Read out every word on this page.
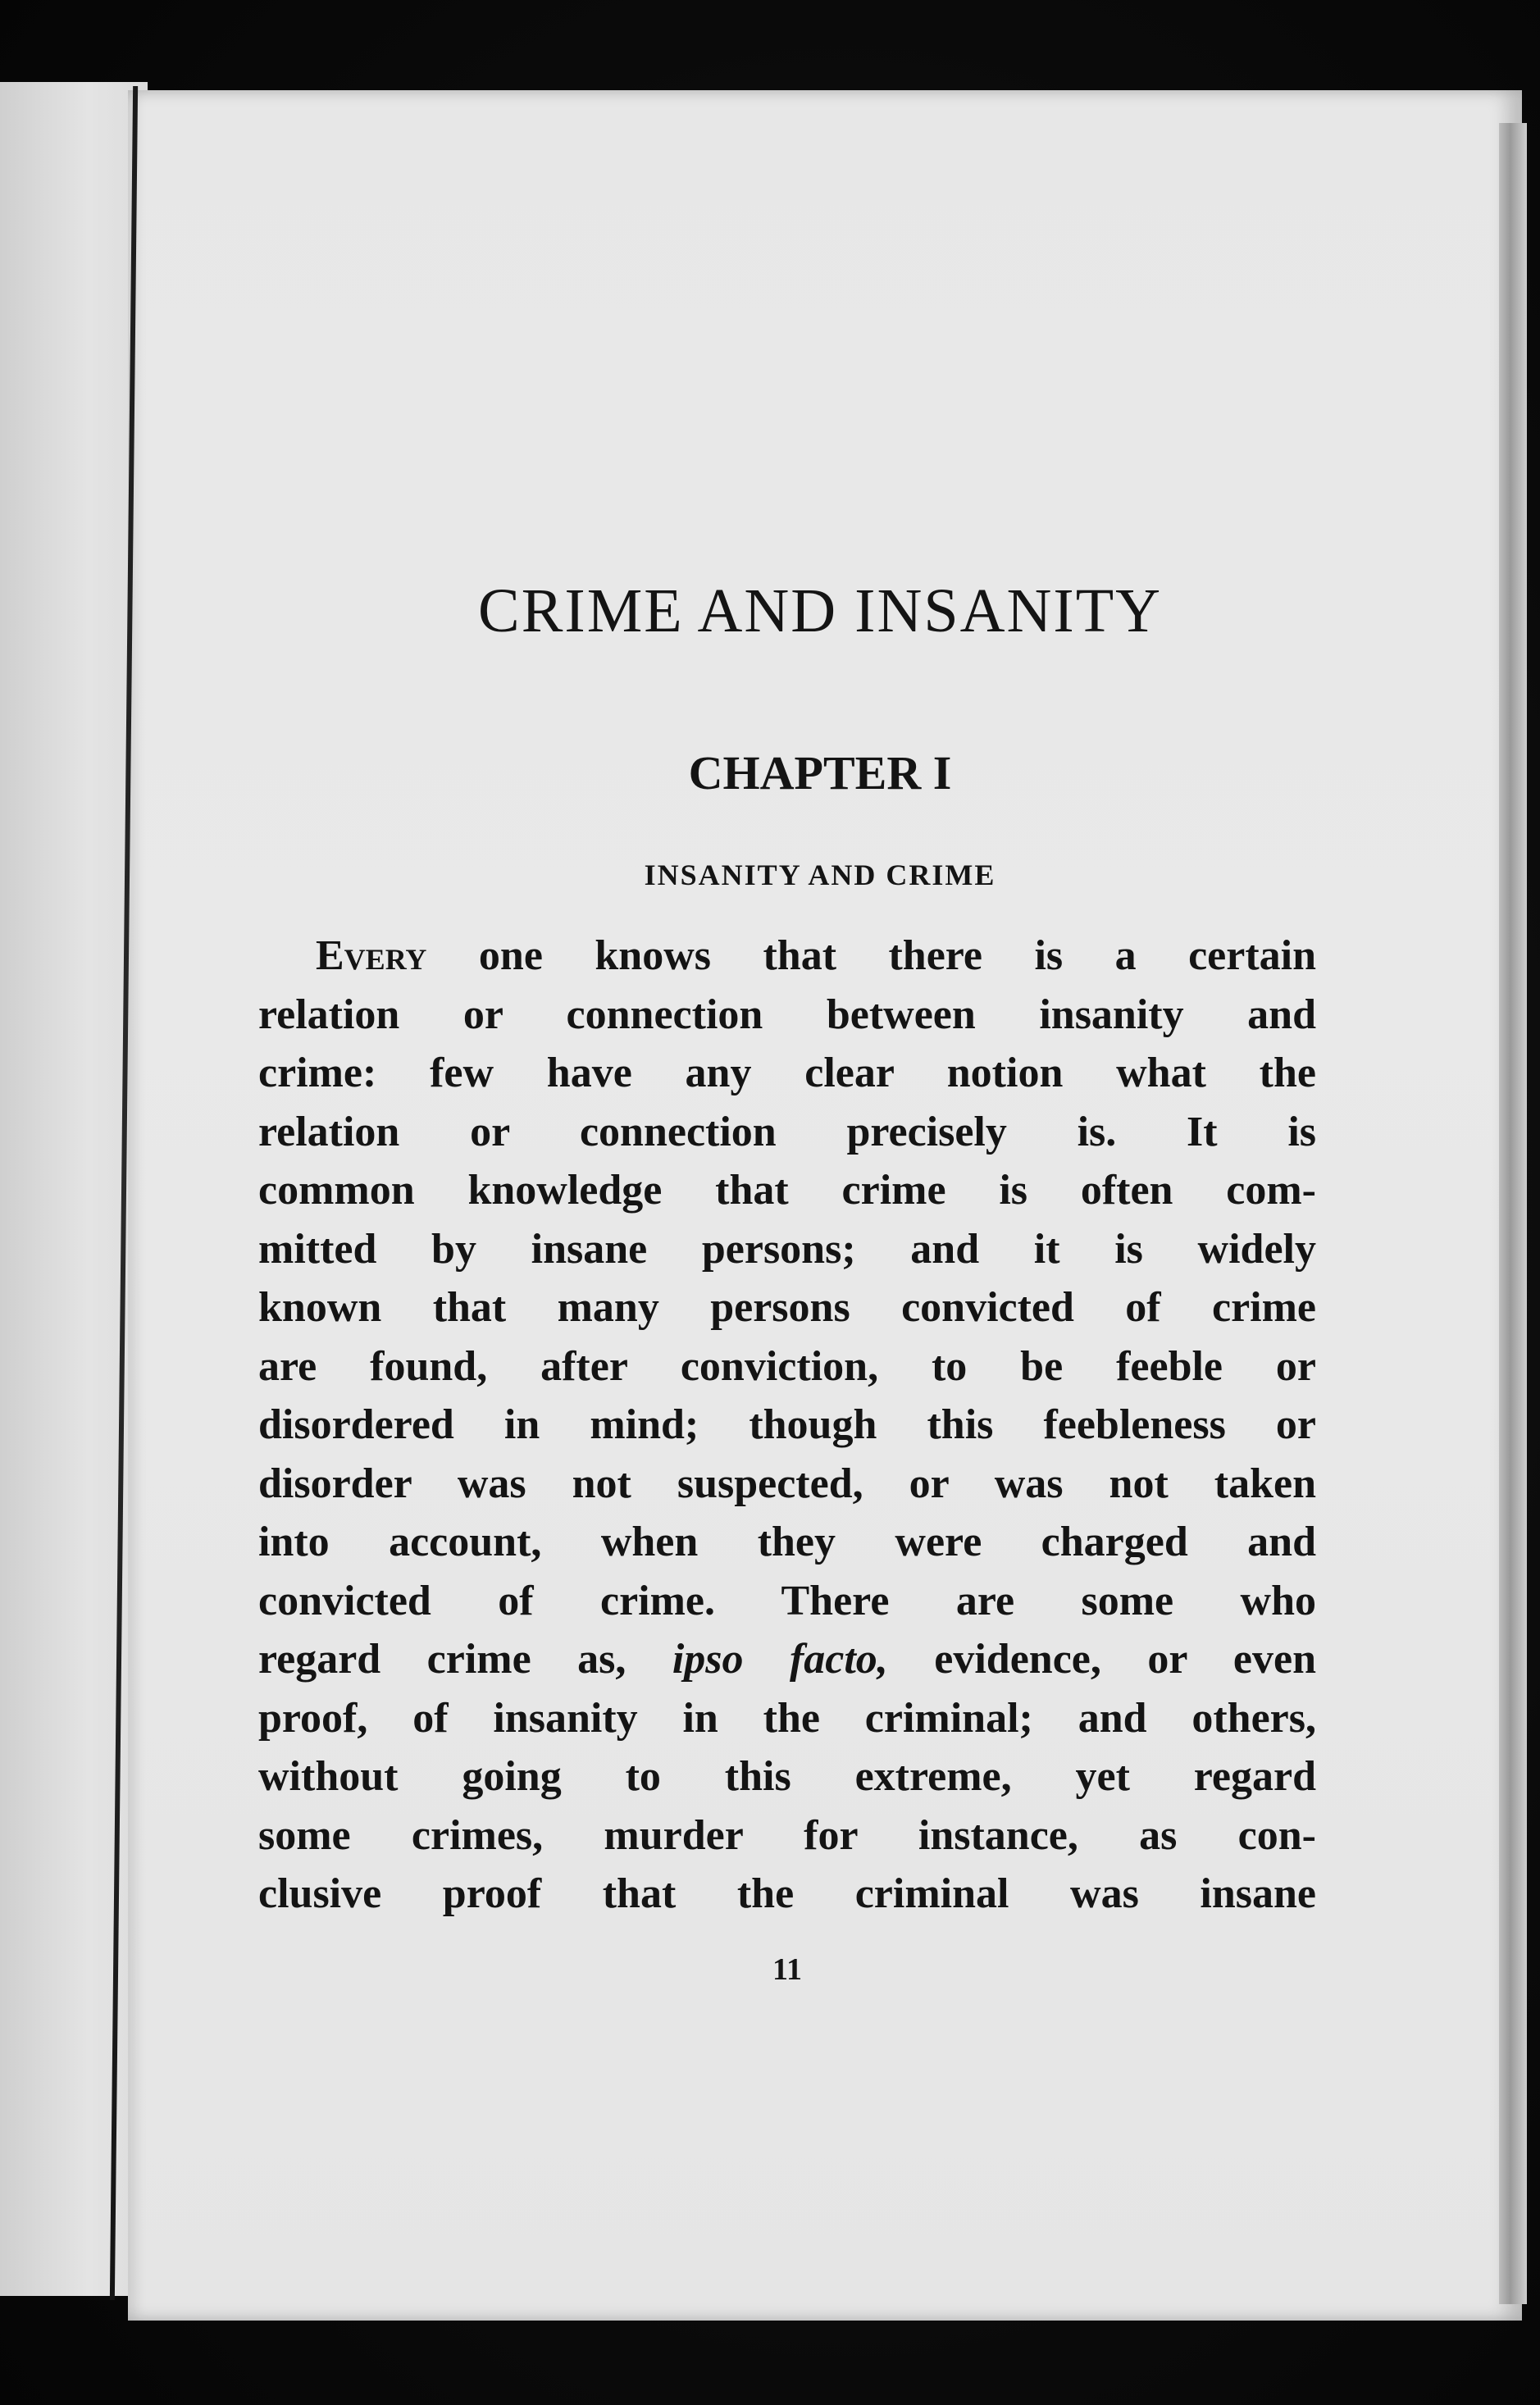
CRIME AND INSANITY
CHAPTER I
INSANITY AND CRIME
Every one knows that there is a certain
relation or connection between insanity and
crime: few have any clear notion what the
relation or connection precisely is. It is
common knowledge that crime is often com-
mitted by insane persons; and it is widely
known that many persons convicted of crime
are found, after conviction, to be feeble or
disordered in mind; though this feebleness or
disorder was not suspected, or was not taken
into account, when they were charged and
convicted of crime. There are some who
regard crime as, ipso facto, evidence, or even
proof, of insanity in the criminal; and others,
without going to this extreme, yet regard
some crimes, murder for instance, as con-
clusive proof that the criminal was insane
11
